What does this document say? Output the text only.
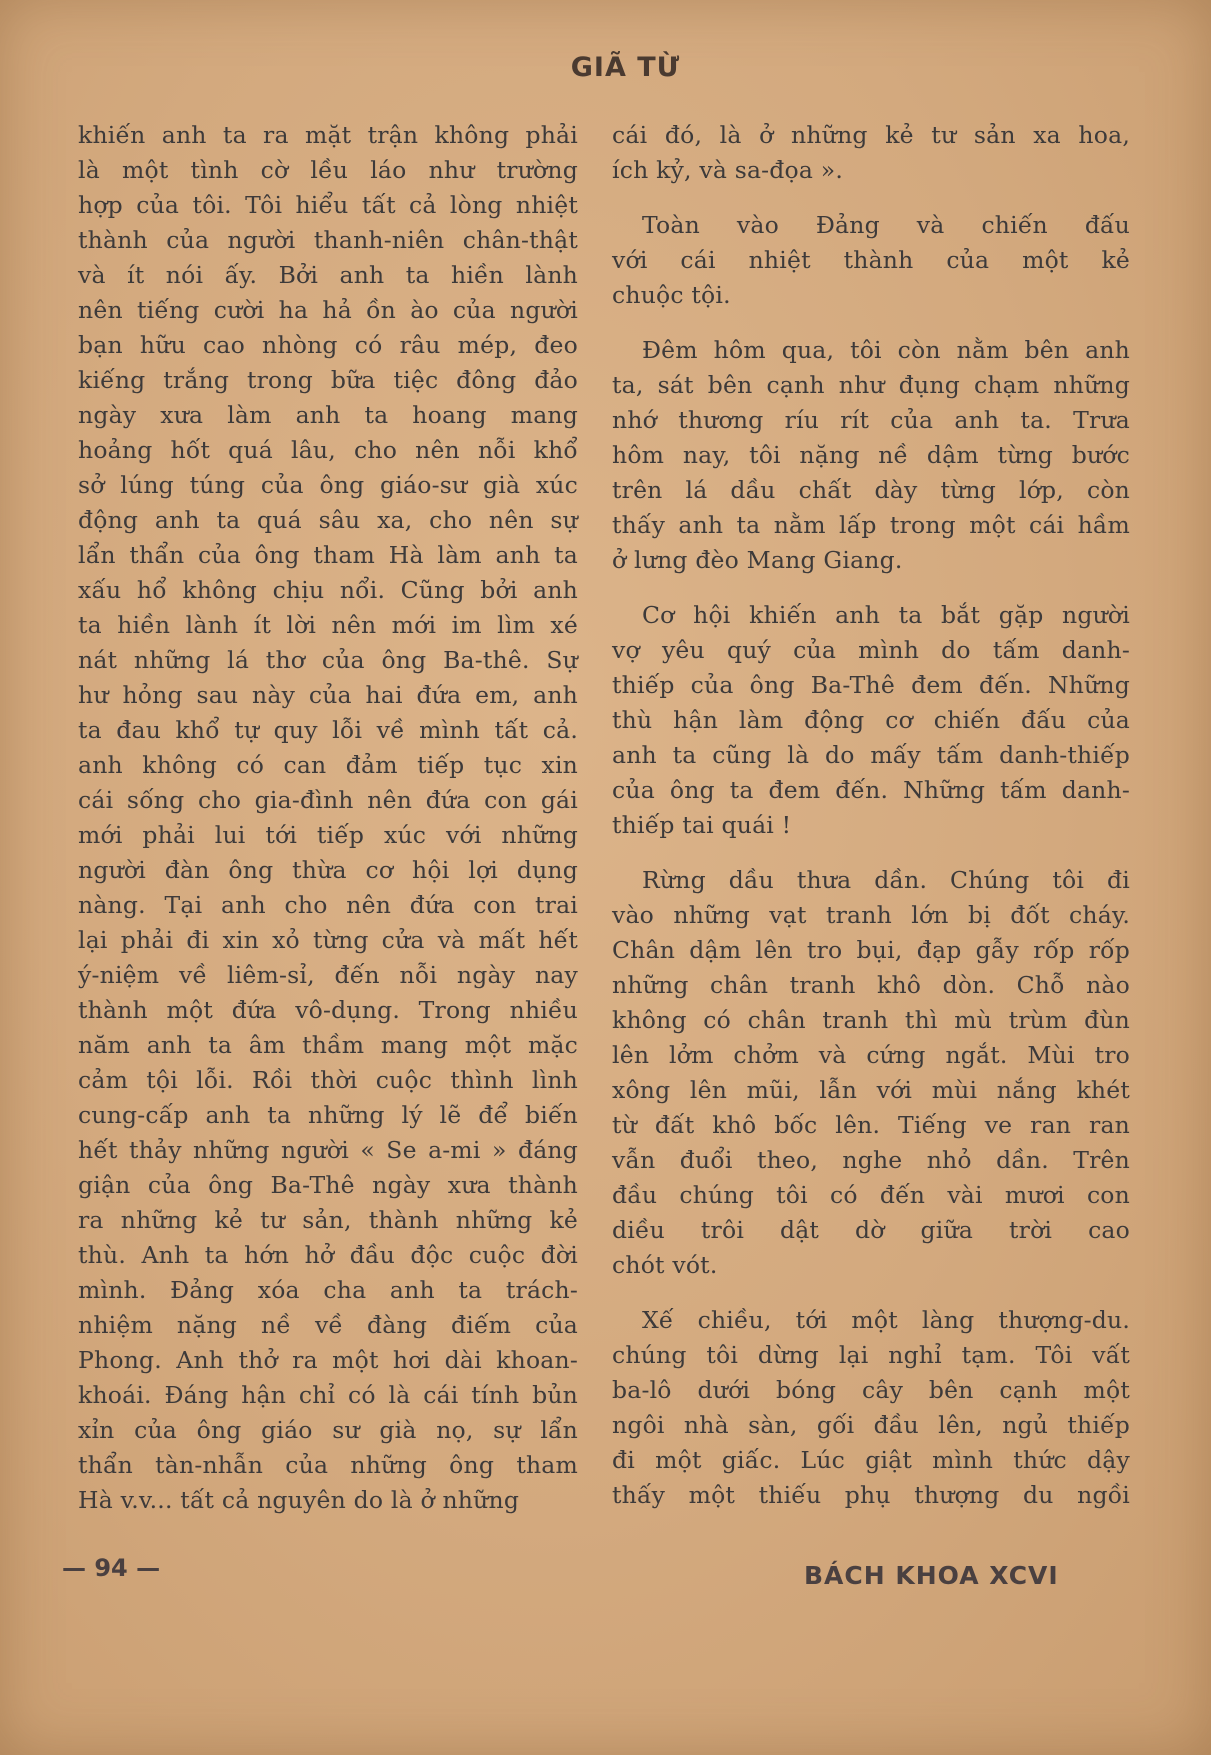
GIÃ TỪ
khiến anh ta ra mặt trận không phải
là một tình cờ lều láo như trường
hợp của tôi. Tôi hiểu tất cả lòng nhiệt
thành của người thanh-niên chân-thật
và ít nói ấy. Bởi anh ta hiền lành
nên tiếng cười ha hả ồn ào của người
bạn hữu cao nhòng có râu mép, đeo
kiếng trắng trong bữa tiệc đông đảo
ngày xưa làm anh ta hoang mang
hoảng hốt quá lâu, cho nên nỗi khổ
sở lúng túng của ông giáo-sư già xúc
động anh ta quá sâu xa, cho nên sự
lẩn thẩn của ông tham Hà làm anh ta
xấu hổ không chịu nổi. Cũng bởi anh
ta hiền lành ít lời nên mới im lìm xé
nát những lá thơ của ông Ba-thê. Sự
hư hỏng sau này của hai đứa em, anh
ta đau khổ tự quy lỗi về mình tất cả.
anh không có can đảm tiếp tục xin
cái sống cho gia-đình nên đứa con gái
mới phải lui tới tiếp xúc với những
người đàn ông thừa cơ hội lợi dụng
nàng. Tại anh cho nên đứa con trai
lại phải đi xin xỏ từng cửa và mất hết
ý-niệm về liêm-sỉ, đến nỗi ngày nay
thành một đứa vô-dụng. Trong nhiều
năm anh ta âm thầm mang một mặc
cảm tội lỗi. Rồi thời cuộc thình lình
cung-cấp anh ta những lý lẽ để biến
hết thảy những người « Se a-mi » đáng
giận của ông Ba-Thê ngày xưa thành
ra những kẻ tư sản, thành những kẻ
thù. Anh ta hớn hở đầu độc cuộc đời
mình. Đảng xóa cha anh ta trách-
nhiệm nặng nề về đàng điếm của
Phong. Anh thở ra một hơi dài khoan-
khoái. Đáng hận chỉ có là cái tính bủn
xỉn của ông giáo sư già nọ, sự lẩn
thẩn tàn-nhẫn của những ông tham
Hà v.v... tất cả nguyên do là ở những
cái đó, là ở những kẻ tư sản xa hoa,
ích kỷ, và sa-đọa ».
Toàn vào Đảng và chiến đấu
với cái nhiệt thành của một kẻ
chuộc tội.
Đêm hôm qua, tôi còn nằm bên anh
ta, sát bên cạnh như đụng chạm những
nhớ thương ríu rít của anh ta. Trưa
hôm nay, tôi nặng nề dậm từng bước
trên lá dầu chất dày từng lớp, còn
thấy anh ta nằm lấp trong một cái hầm
ở lưng đèo Mang Giang.
Cơ hội khiến anh ta bắt gặp người
vợ yêu quý của mình do tấm danh-
thiếp của ông Ba-Thê đem đến. Những
thù hận làm động cơ chiến đấu của
anh ta cũng là do mấy tấm danh-thiếp
của ông ta đem đến. Những tấm danh-
thiếp tai quái !
Rừng dầu thưa dần. Chúng tôi đi
vào những vạt tranh lớn bị đốt cháy.
Chân dậm lên tro bụi, đạp gẫy rốp rốp
những chân tranh khô dòn. Chỗ nào
không có chân tranh thì mù trùm đùn
lên lởm chởm và cứng ngắt. Mùi tro
xông lên mũi, lẫn với mùi nắng khét
từ đất khô bốc lên. Tiếng ve ran ran
vẫn đuổi theo, nghe nhỏ dần. Trên
đầu chúng tôi có đến vài mươi con
diều trôi dật dờ giữa trời cao
chót vót.
Xế chiều, tới một làng thượng-du.
chúng tôi dừng lại nghỉ tạm. Tôi vất
ba-lô dưới bóng cây bên cạnh một
ngôi nhà sàn, gối đầu lên, ngủ thiếp
đi một giấc. Lúc giật mình thức dậy
thấy một thiếu phụ thượng du ngồi
— 94 —	BÁCH KHOA XCVI
